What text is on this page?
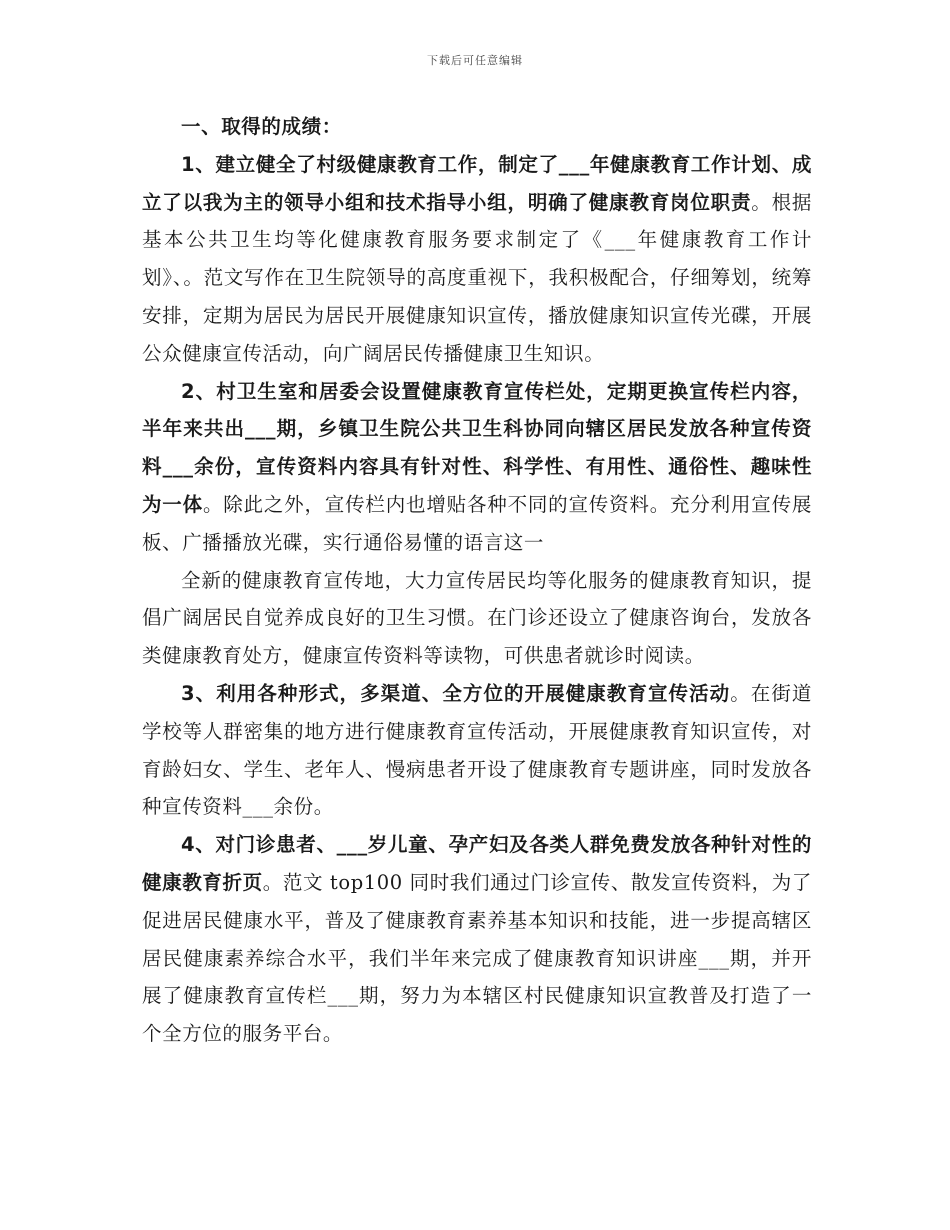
下载后可任意编辑

一、取得的成绩：

1、建立健全了村级健康教育工作，制定了___年健康教育工作计划、成立了以我为主的领导小组和技术指导小组，明确了健康教育岗位职责。根据基本公共卫生均等化健康教育服务要求制定了《___年健康教育工作计划》、。范文写作在卫生院领导的高度重视下，我积极配合，仔细筹划，统筹安排，定期为居民为居民开展健康知识宣传，播放健康知识宣传光碟，开展公众健康宣传活动，向广阔居民传播健康卫生知识。

2、村卫生室和居委会设置健康教育宣传栏处，定期更换宣传栏内容，半年来共出___期，乡镇卫生院公共卫生科协同向辖区居民发放各种宣传资料___余份，宣传资料内容具有针对性、科学性、有用性、通俗性、趣味性为一体。除此之外，宣传栏内也增贴各种不同的宣传资料。充分利用宣传展板、广播播放光碟，实行通俗易懂的语言这一

全新的健康教育宣传地，大力宣传居民均等化服务的健康教育知识，提倡广阔居民自觉养成良好的卫生习惯。在门诊还设立了健康咨询台，发放各类健康教育处方，健康宣传资料等读物，可供患者就诊时阅读。

3、利用各种形式，多渠道、全方位的开展健康教育宣传活动。在街道学校等人群密集的地方进行健康教育宣传活动，开展健康教育知识宣传，对育龄妇女、学生、老年人、慢病患者开设了健康教育专题讲座，同时发放各种宣传资料___余份。

4、对门诊患者、___岁儿童、孕产妇及各类人群免费发放各种针对性的健康教育折页。范文 top100 同时我们通过门诊宣传、散发宣传资料，为了促进居民健康水平，普及了健康教育素养基本知识和技能，进一步提高辖区居民健康素养综合水平，我们半年来完成了健康教育知识讲座___期，并开展了健康教育宣传栏___期，努力为本辖区村民健康知识宣教普及打造了一个全方位的服务平台。
